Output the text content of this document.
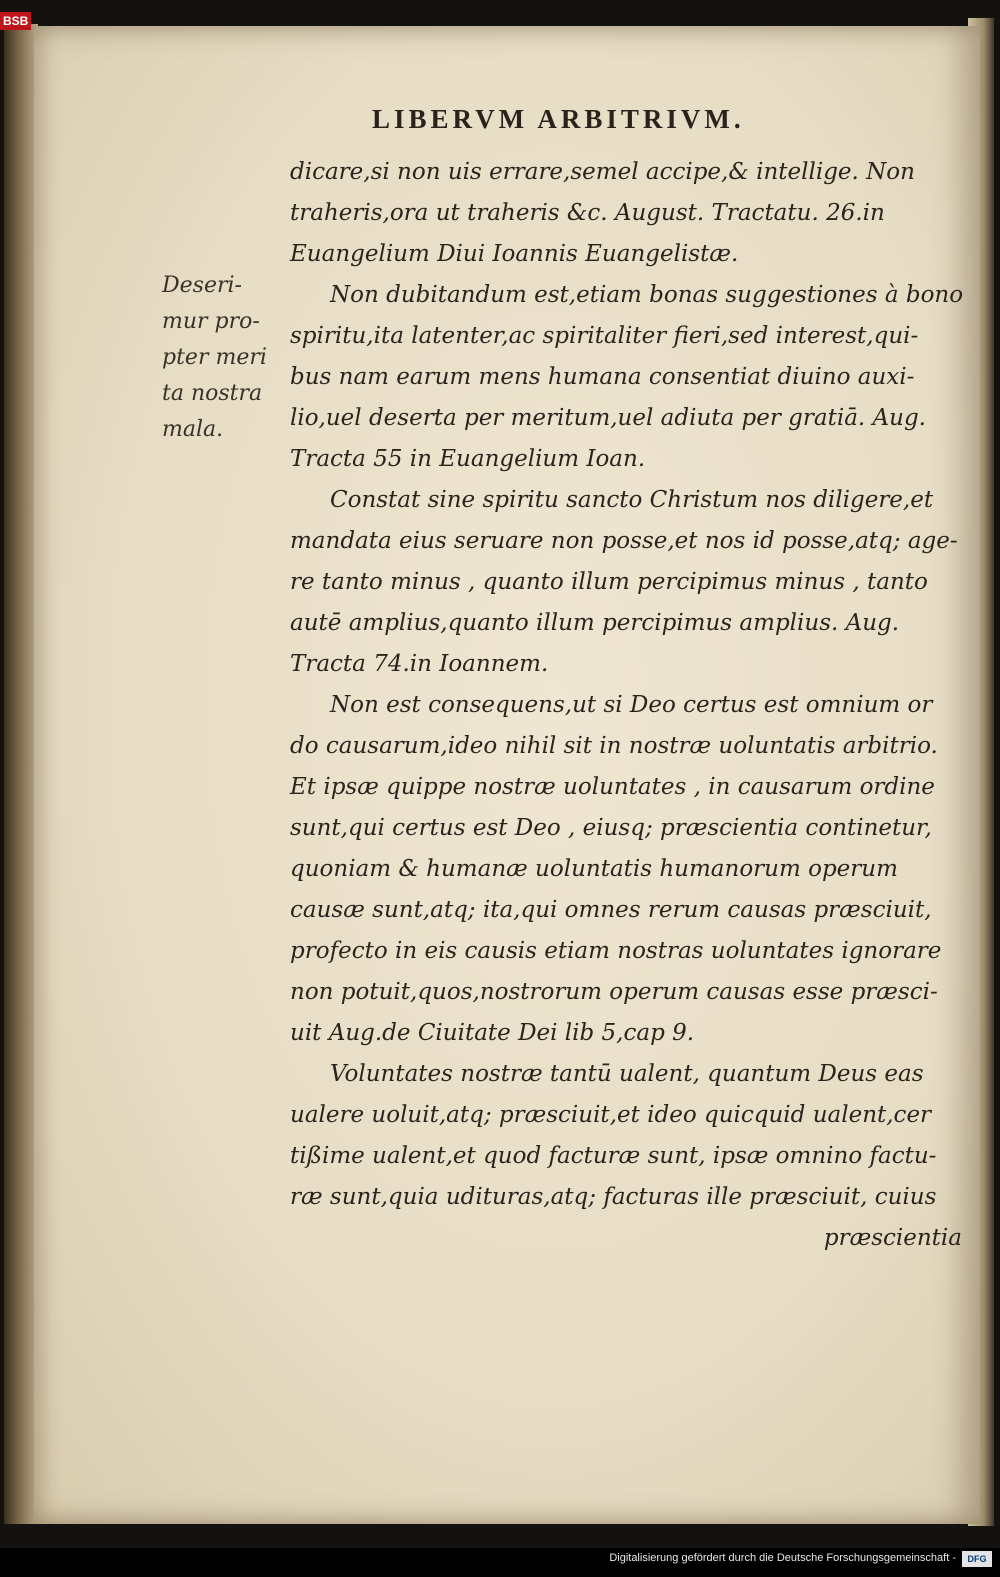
BSB
LIBERVM ARBITRIVM.
Deseri-
mur pro-
pter meri
ta nostra
mala.
dicare,si non uis errare,semel accipe,& intellige. Non
traheris,ora ut traheris &c. August. Tractatu. 26.in
Euangelium Diui Ioannis Euangelistæ.
Non dubitandum est,etiam bonas suggestiones à bono
spiritu,ita latenter,ac spiritaliter fieri,sed interest,qui-
bus nam earum mens humana consentiat diuino auxi-
lio,uel deserta per meritum,uel adiuta per gratiā. Aug.
Tracta 55 in Euangelium Ioan.
Constat sine spiritu sancto Christum nos diligere,et
mandata eius seruare non posse,et nos id posse,atq; age-
re tanto minus , quanto illum percipimus minus , tanto
autē amplius,quanto illum percipimus amplius. Aug.
Tracta 74.in Ioannem.
Non est consequens,ut si Deo certus est omnium or
do causarum,ideo nihil sit in nostræ uoluntatis arbitrio.
Et ipsæ quippe nostræ uoluntates , in causarum ordine
sunt,qui certus est Deo , eiusq; præscientia continetur,
quoniam & humanæ uoluntatis humanorum operum
causæ sunt,atq; ita,qui omnes rerum causas præsciuit,
profecto in eis causis etiam nostras uoluntates ignorare
non potuit,quos,nostrorum operum causas esse præsci-
uit Aug.de Ciuitate Dei lib 5,cap 9.
Voluntates nostræ tantū ualent, quantum Deus eas
ualere uoluit,atq; præsciuit,et ideo quicquid ualent,cer
tißime ualent,et quod facturæ sunt, ipsæ omnino factu-
ræ sunt,quia udituras,atq; facturas ille præsciuit, cuius
præscientia
Digitalisierung gefördert durch die Deutsche Forschungsgemeinschaft -	DFG
